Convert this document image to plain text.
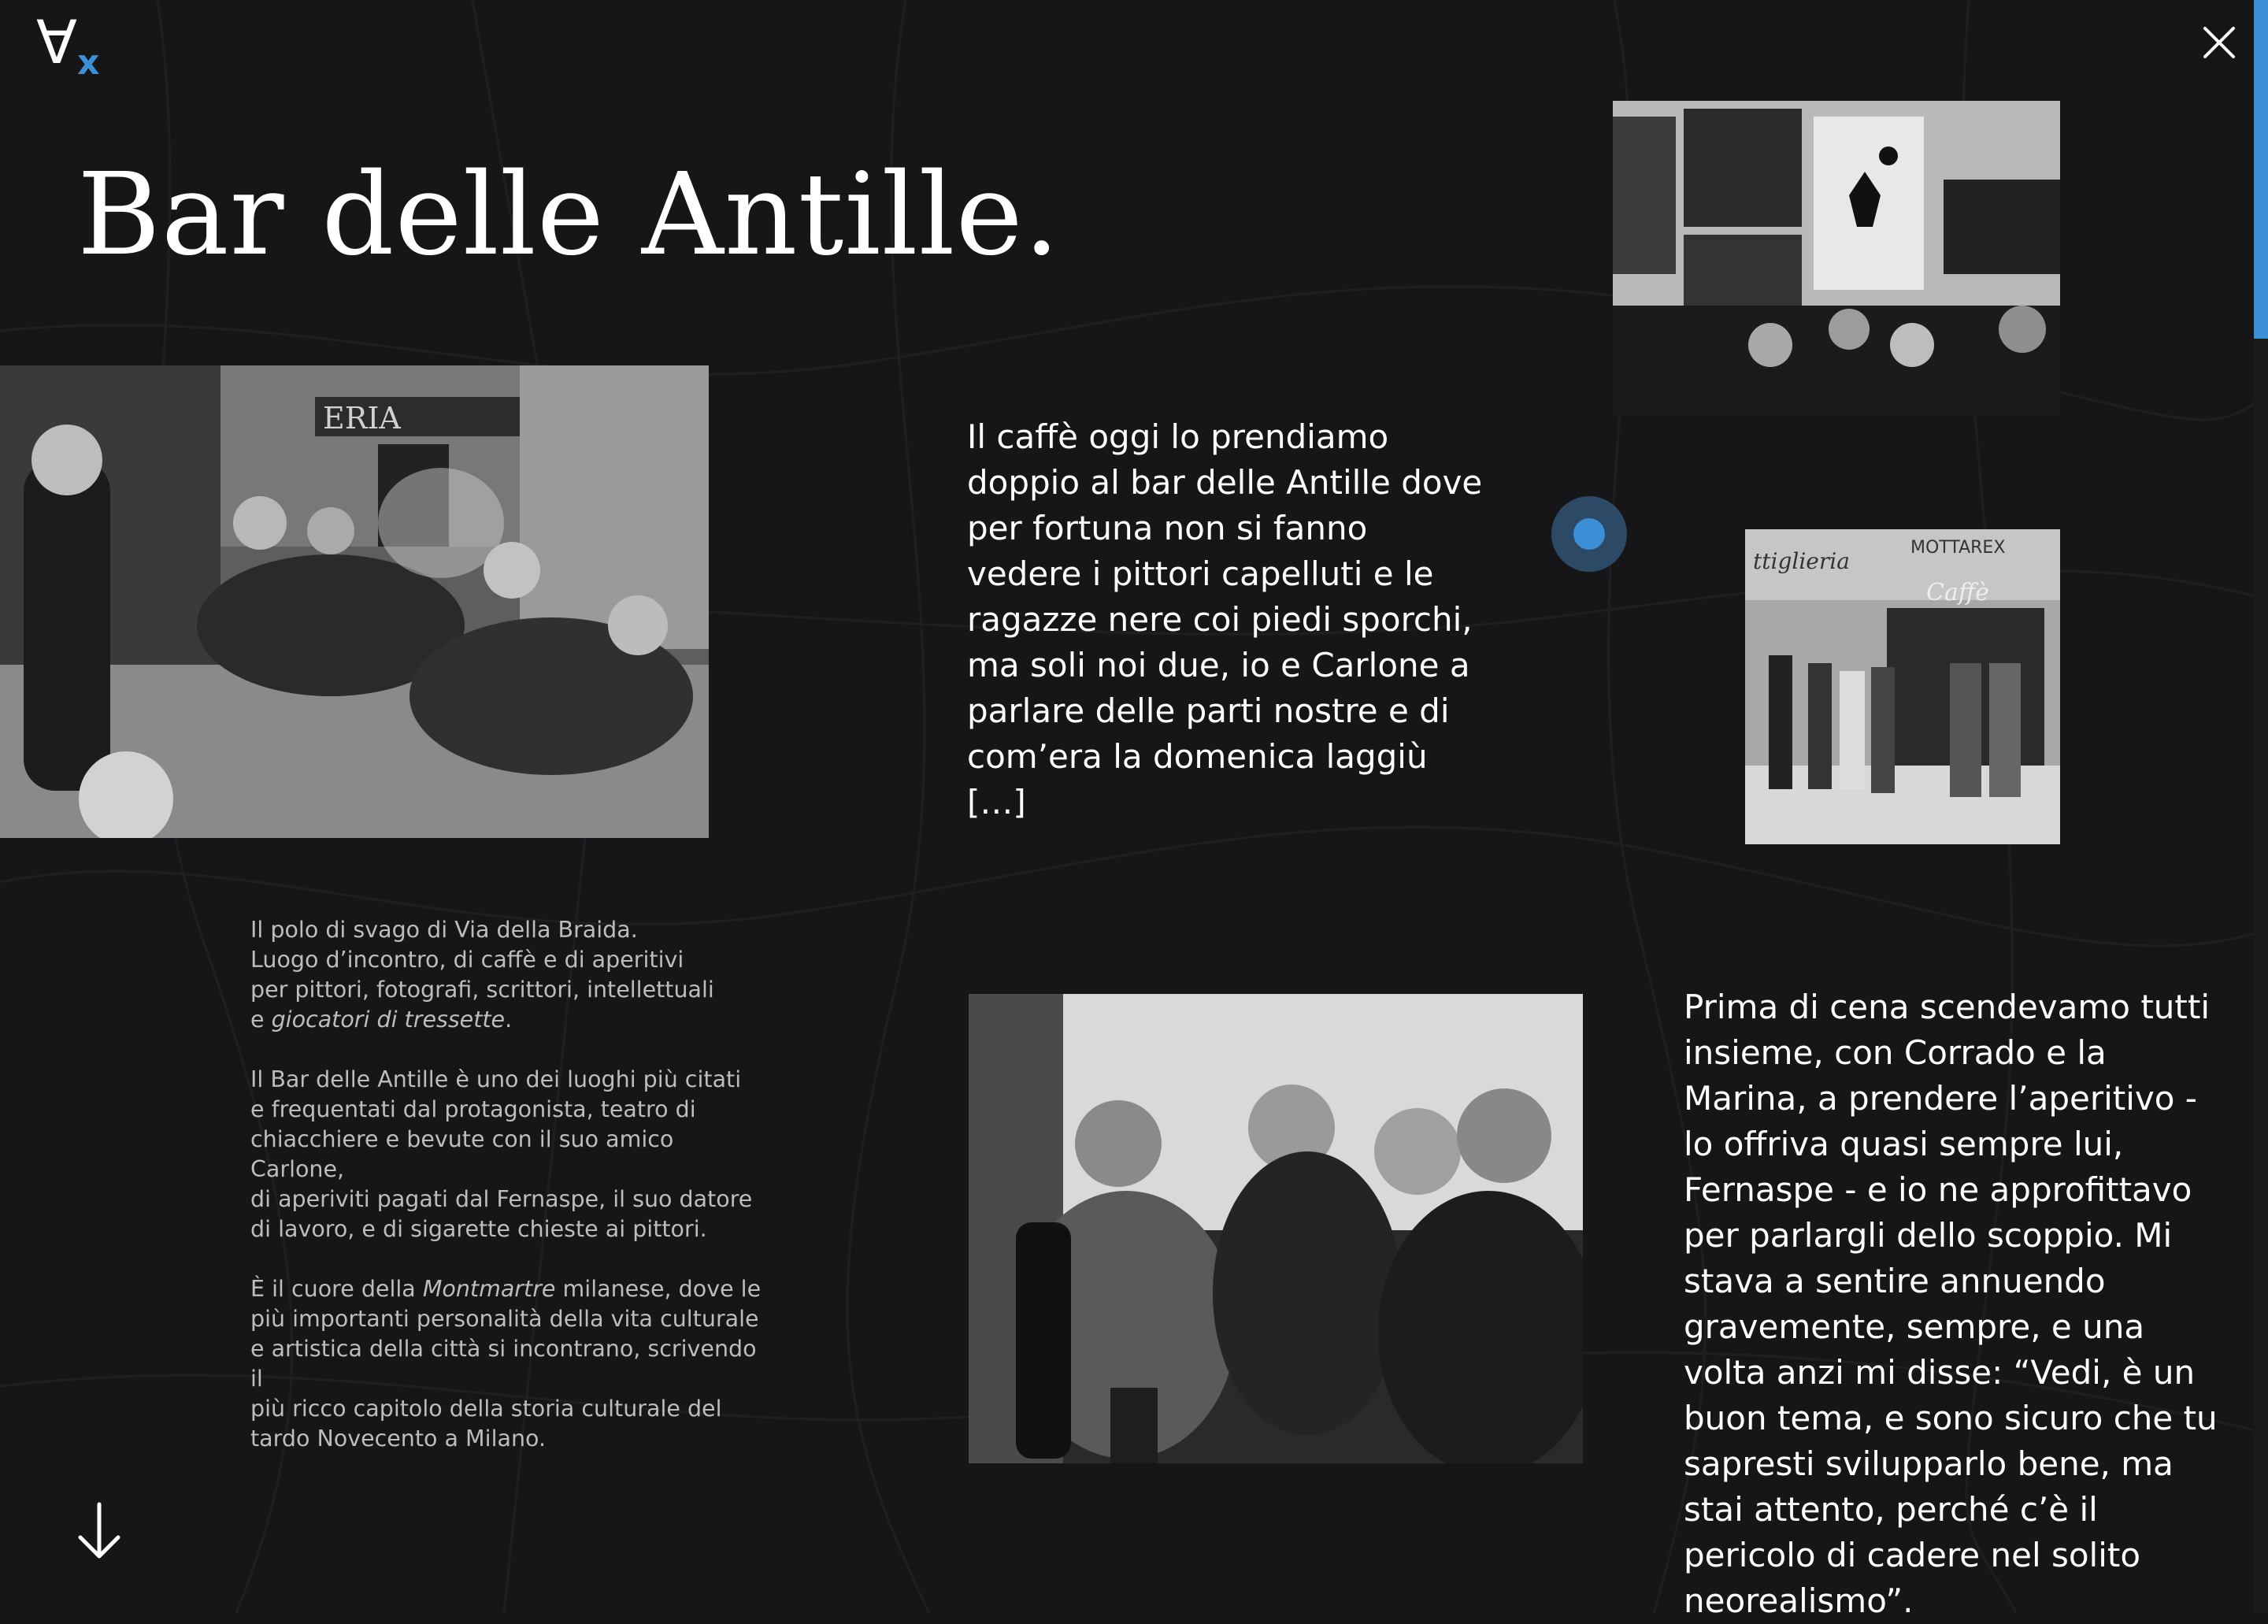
∀ x
Bar delle Antille.
ERIA
ttiglieria
MOTTAREX
Caffè

Il caffè oggi lo prendiamo doppio al bar delle Antille dove per fortuna non si fanno vedere i pittori capelluti e le ragazze nere coi piedi sporchi, ma soli noi due, io e Carlone a parlare delle parti nostre e di com’era la domenica laggiù […]

Il polo di svago di Via della Braida.
Luogo d’incontro, di caffè e di aperitivi
per pittori, fotografi, scrittori, intellettuali
e giocatori di tressette.

Il Bar delle Antille è uno dei luoghi più citati
e frequentati dal protagonista, teatro di
chiacchiere e bevute con il suo amico Carlone,
di aperiviti pagati dal Fernaspe, il suo datore
di lavoro, e di sigarette chieste ai pittori.

È il cuore della Montmartre milanese, dove le
più importanti personalità della vita culturale
e artistica della città si incontrano, scrivendo il
più ricco capitolo della storia culturale del
tardo Novecento a Milano.

Prima di cena scendevamo tutti insieme, con Corrado e la Marina, a prendere l’aperitivo - lo offriva quasi sempre lui, Fernaspe - e io ne approfittavo per parlargli dello scoppio. Mi stava a sentire annuendo gravemente, sempre, e una volta anzi mi disse: “Vedi, è un buon tema, e sono sicuro che tu sapresti svilupparlo bene, ma stai attento, perché c’è il pericolo di cadere nel solito neorealismo”.
